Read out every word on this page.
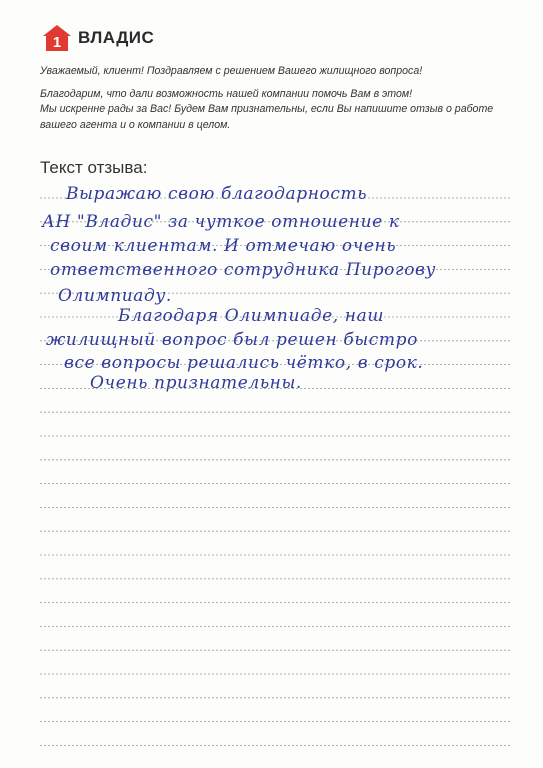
1 ВЛАДИС

Уважаемый, клиент! Поздравляем с решением Вашего жилищного вопроса!

Благодарим, что дали возможность нашей компании помочь Вам в этом!

Мы искренне рады за Вас! Будем Вам признательны, если Вы напишите отзыв о работе

вашего агента и о компании в целом.

Текст отзыва:
Выражаю свою благодарность
АН "Владис" за чуткое отношение к
своим клиентам. И отмечаю очень
ответственного сотрудника Пирогову
Олимпиаду.
Благодаря Олимпиаде, наш
жилищный вопрос был решен быстро
все вопросы решались чётко, в срок.
Очень признательны.
